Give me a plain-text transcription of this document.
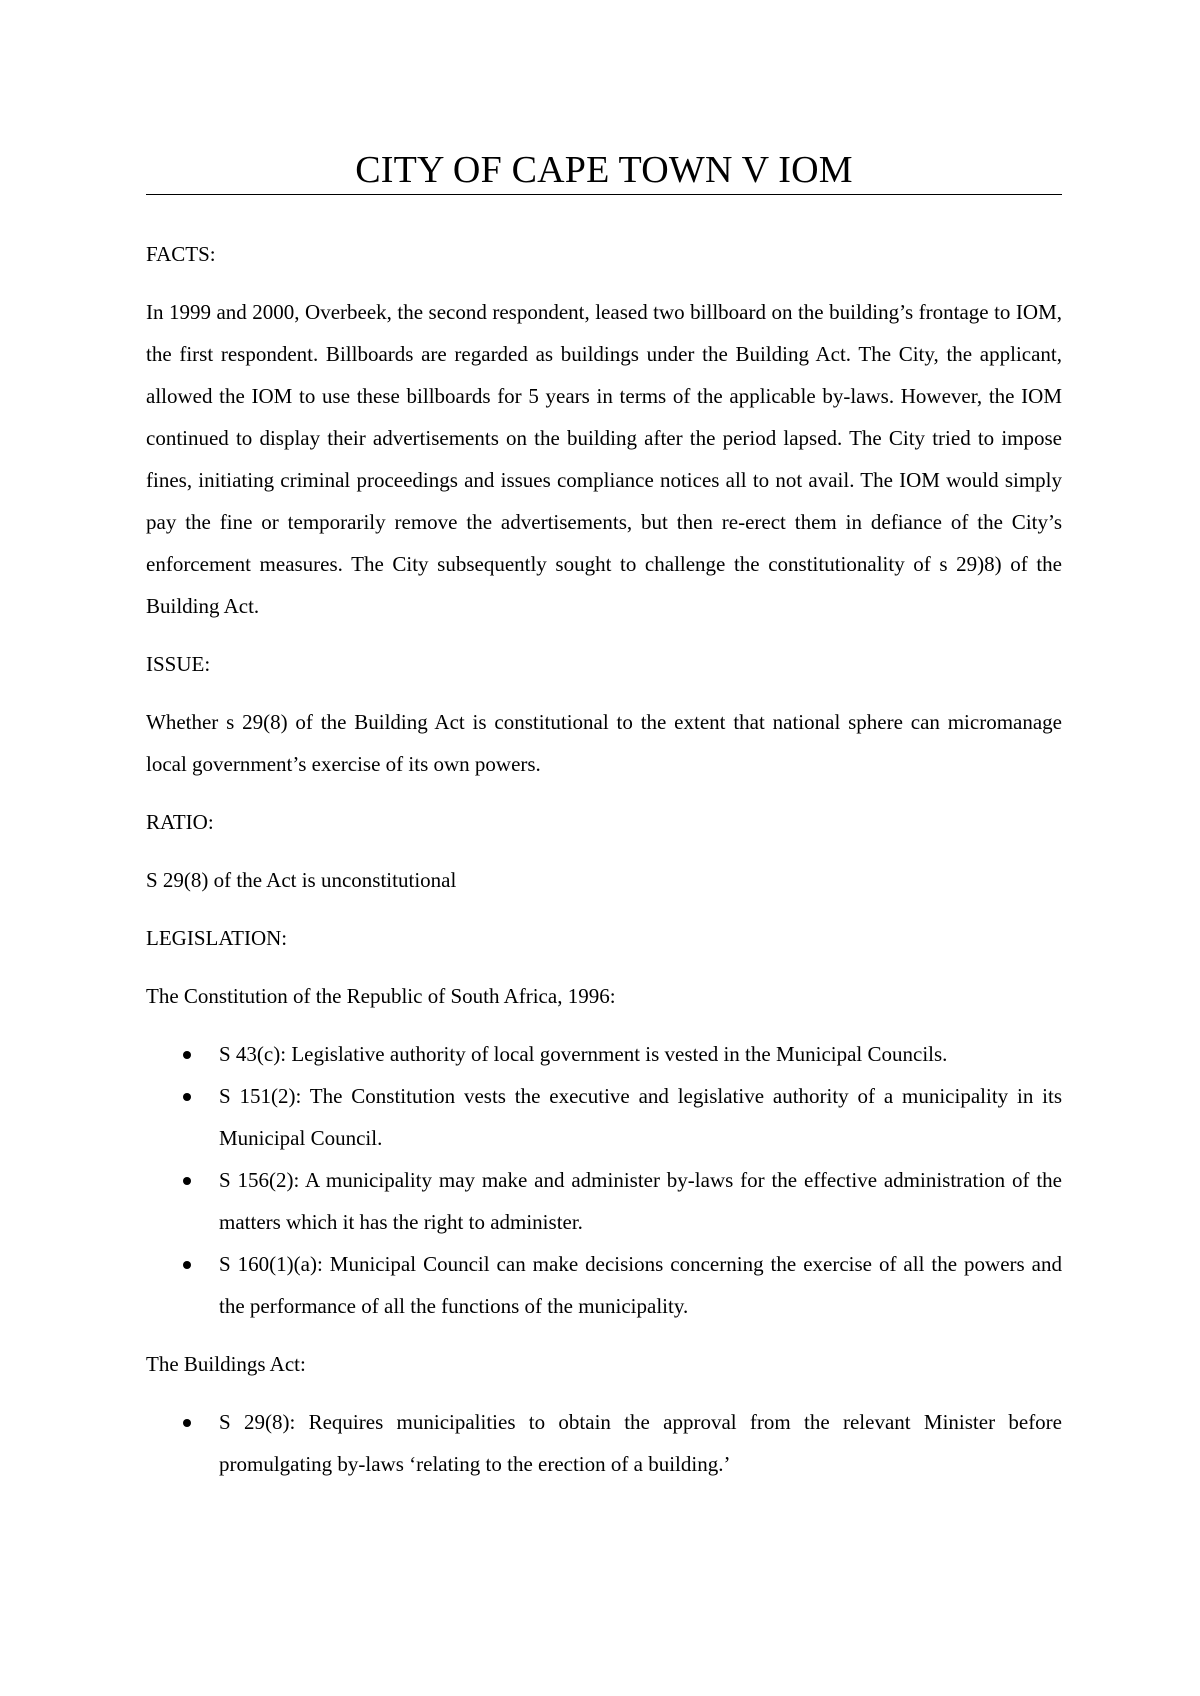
CITY OF CAPE TOWN V IOM

FACTS:

In 1999 and 2000, Overbeek, the second respondent, leased two billboard on the building’s frontage to IOM, the first respondent. Billboards are regarded as buildings under the Building Act. The City, the applicant, allowed the IOM to use these billboards for 5 years in terms of the applicable by-laws. However, the IOM continued to display their advertisements on the building after the period lapsed. The City tried to impose fines, initiating criminal proceedings and issues compliance notices all to not avail. The IOM would simply pay the fine or temporarily remove the advertisements, but then re-erect them in defiance of the City’s enforcement measures. The City subsequently sought to challenge the constitutionality of s 29)8) of the Building Act.

ISSUE:

Whether s 29(8) of the Building Act is constitutional to the extent that national sphere can micromanage local government’s exercise of its own powers.

RATIO:

S 29(8) of the Act is unconstitutional

LEGISLATION:

The Constitution of the Republic of South Africa, 1996:

S 43(c): Legislative authority of local government is vested in the Municipal Councils.
S 151(2): The Constitution vests the executive and legislative authority of a municipality in its Municipal Council.
S 156(2): A municipality may make and administer by-laws for the effective administration of the matters which it has the right to administer.
S 160(1)(a): Municipal Council can make decisions concerning the exercise of all the powers and the performance of all the functions of the municipality.

The Buildings Act:

S 29(8): Requires municipalities to obtain the approval from the relevant Minister before promulgating by-laws ‘relating to the erection of a building.’
